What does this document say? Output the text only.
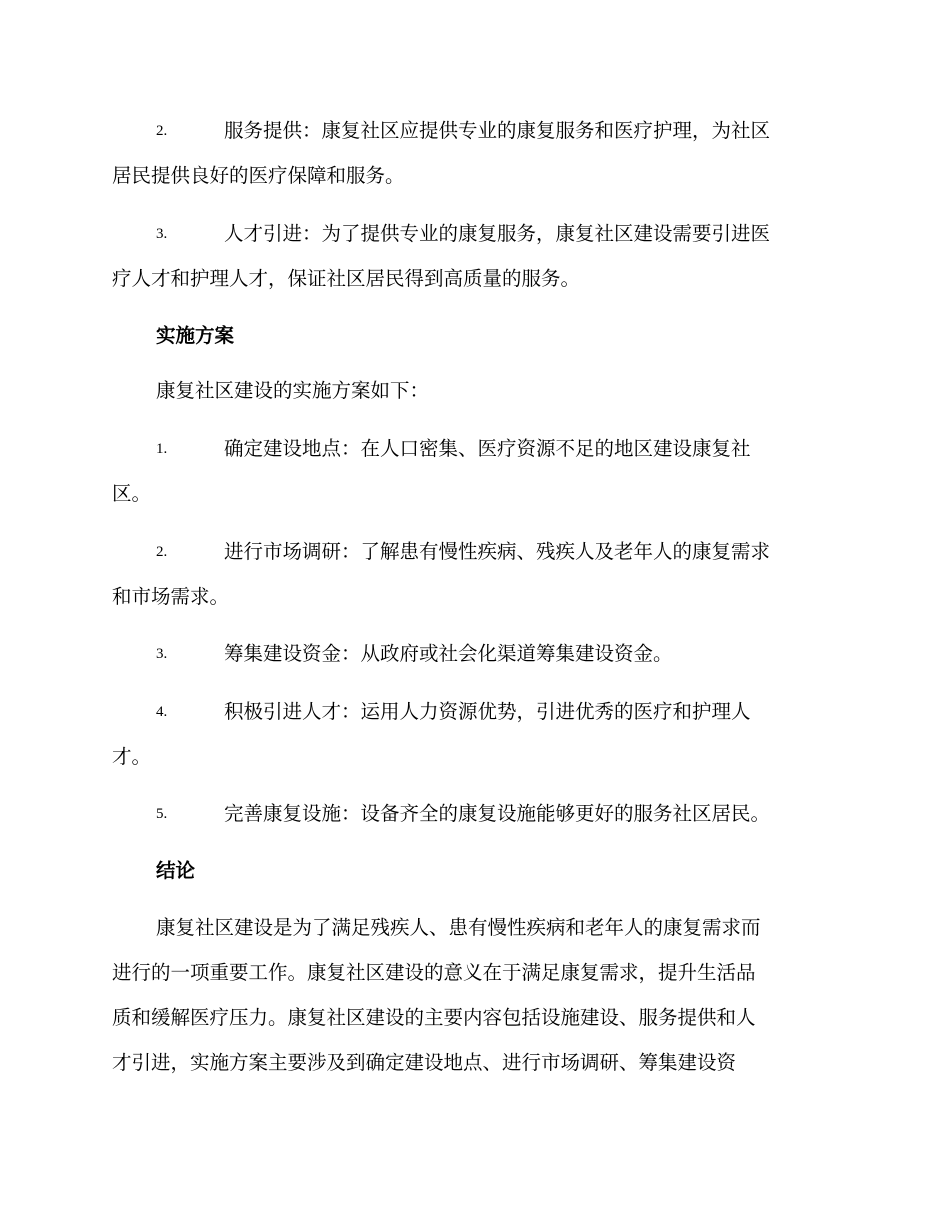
2.	服务提供：康复社区应提供专业的康复服务和医疗护理，为社区
居民提供良好的医疗保障和服务。
3.	人才引进：为了提供专业的康复服务，康复社区建设需要引进医
疗人才和护理人才，保证社区居民得到高质量的服务。
实施方案
康复社区建设的实施方案如下：
1.	确定建设地点：在人口密集、医疗资源不足的地区建设康复社
区。
2.	进行市场调研：了解患有慢性疾病、残疾人及老年人的康复需求
和市场需求。
3.	筹集建设资金：从政府或社会化渠道筹集建设资金。
4.	积极引进人才：运用人力资源优势，引进优秀的医疗和护理人
才。
5.	完善康复设施：设备齐全的康复设施能够更好的服务社区居民。
结论
康复社区建设是为了满足残疾人、患有慢性疾病和老年人的康复需求而
进行的一项重要工作。康复社区建设的意义在于满足康复需求，提升生活品
质和缓解医疗压力。康复社区建设的主要内容包括设施建设、服务提供和人
才引进，实施方案主要涉及到确定建设地点、进行市场调研、筹集建设资
